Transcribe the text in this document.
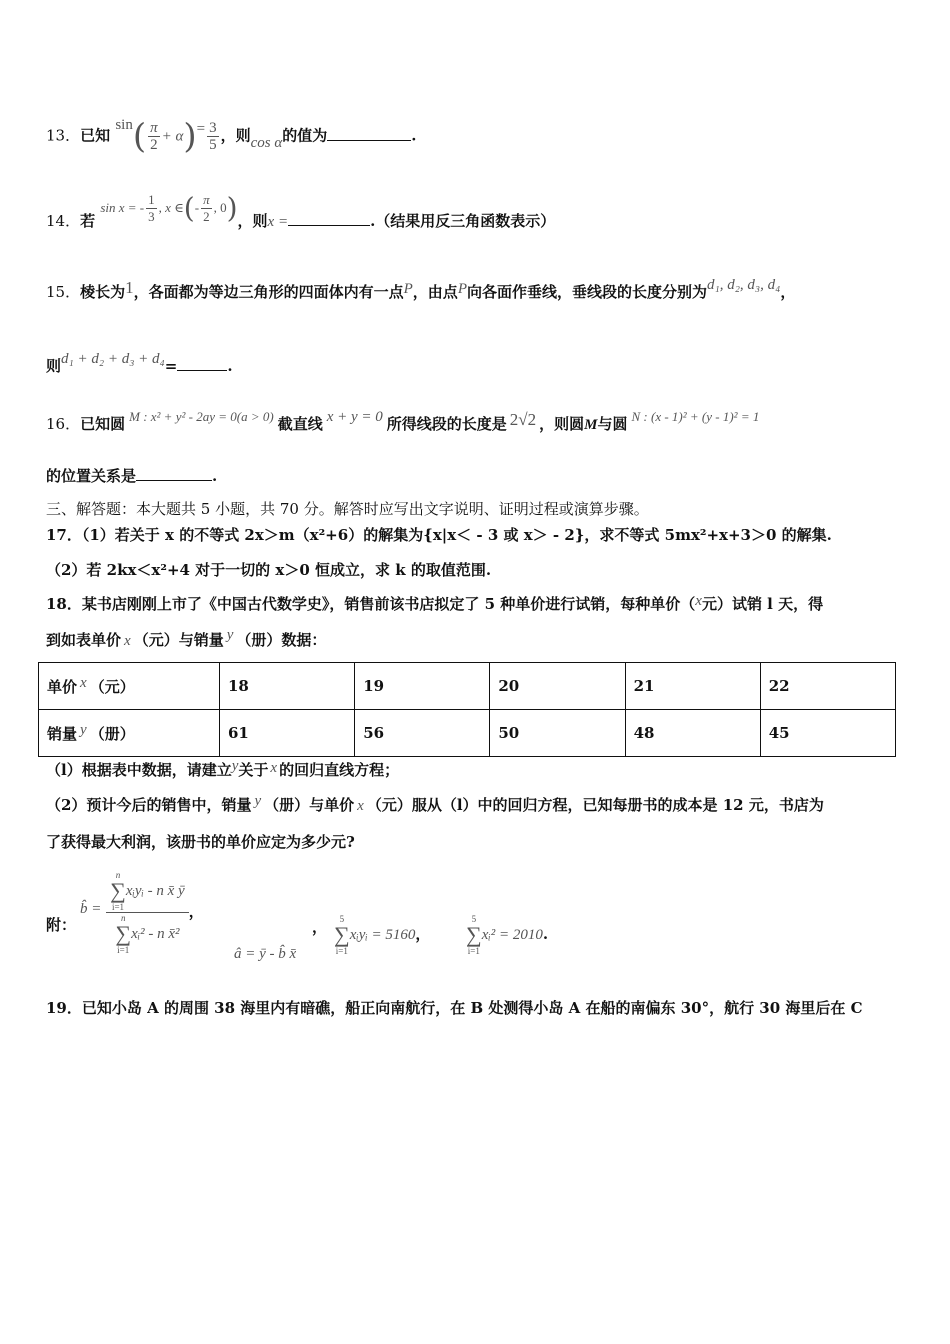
13．已知 $\sin( \frac{\pi}{2} + \alpha)= \frac{3}{5}$ ，则cos α的值为	.
14．若 sin x = - $\frac{1}{3}$ , x ∈(- $\frac{\pi}{2}$ , 0)，则x =	.（结果用反三角函数表示）
15．棱长为1，各面都为等边三角形的四面体内有一点P，由点P向各面作垂线，垂线段的长度分别为d₁, d₂, d₃, d₄，
则d₁ + d₂ + d₃ + d₄=	.
16．已知圆 M : x² + y² - 2ay = 0(a > 0) 截直线 x + y = 0 所得线段的长度是 2√2 ，则圆M与圆 N : (x - 1)² + (y - 1)² = 1
的位置关系是	.
三、解答题：本大题共 5 小题，共 70 分。解答时应写出文字说明、证明过程或演算步骤。
17．（1）若关于 x 的不等式 2x＞m（x²+6）的解集为{x|x＜ - 3 或 x＞ - 2}，求不等式 5mx²+x+3＞0 的解集.
（2）若 2kx＜x²+4 对于一切的 x＞0 恒成立，求 k 的取值范围.
18．某书店刚刚上市了《中国古代数学史》，销售前该书店拟定了 5 种单价进行试销，每种单价（x元）试销 l 天，得
到如表单价 x （元）与销量 y （册）数据：
单价 x （元）	18	19	20	21	22
销量 y （册）	61	56	50	48	45
（l）根据表中数据，请建立y关于 x 的回归直线方程；
（2）预计今后的销售中，销量 y （册）与单价 x （元）服从（l）中的回归方程，已知每册书的成本是 12 元，书店为
了获得最大利润，该册书的单价应定为多少元?
附：
b̂ =
n
∑
i=1
xᵢyᵢ - n x̄ ȳ
n
∑
i=1
xᵢ² - n x̄²
，
â = ȳ - b̂ x̄
，	5
∑
i=1
xᵢyᵢ = 5160，
5
∑
i=1
xᵢ² = 2010.
19．已知小岛 A 的周围 38 海里内有暗礁，船正向南航行，在 B 处测得小岛 A 在船的南偏东 30°，航行 30 海里后在 C
